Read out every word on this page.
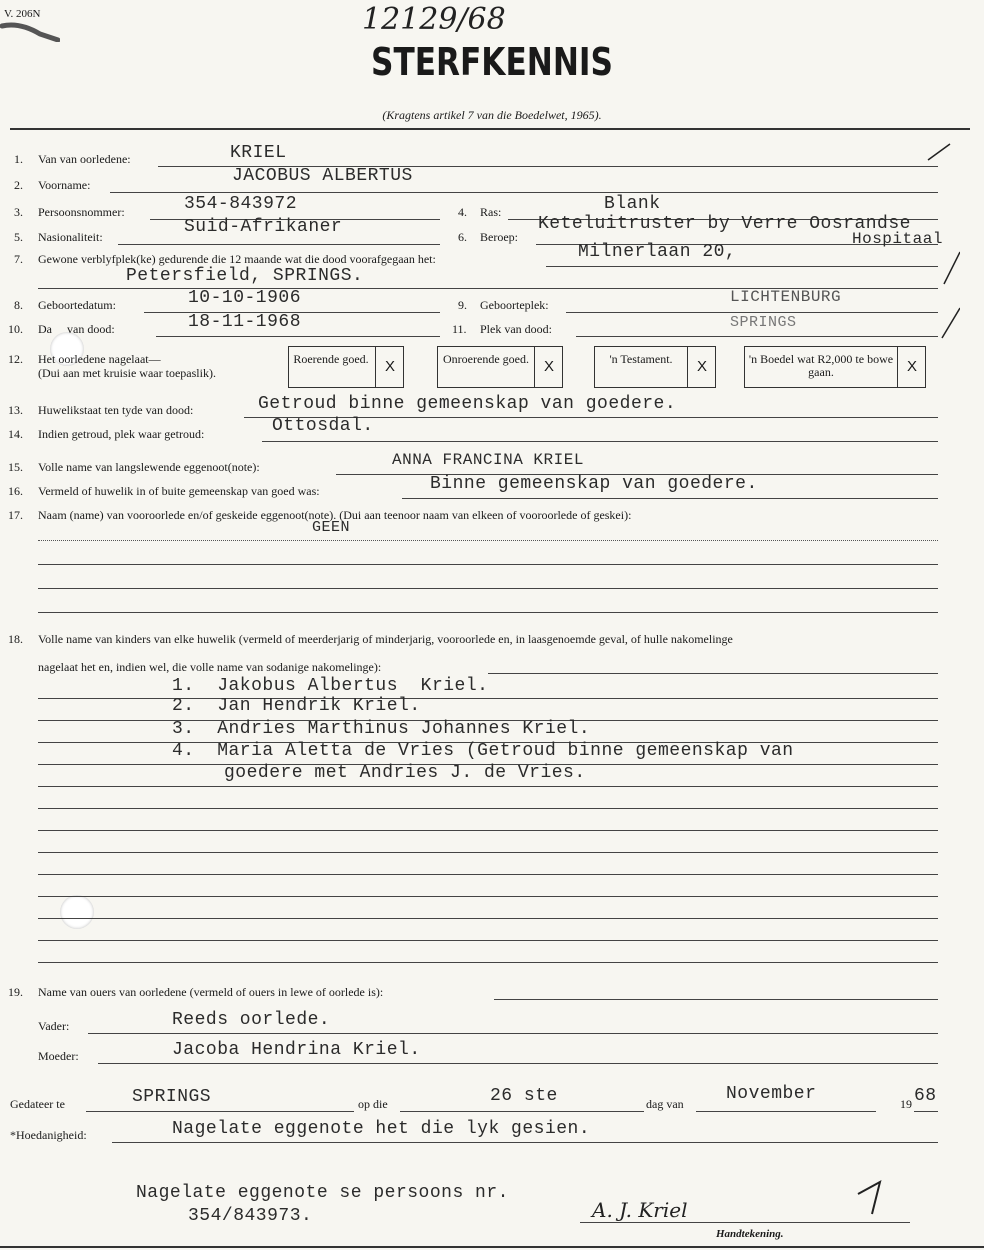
V. 206N	12129/68
STERFKENNIS
(Kragtens artikel 7 van die Boedelwet, 1965).
1. Van van oorledene:	KRIEL
2. Voorname:	JACOBUS ALBERTUS
3. Persoonsnommer:	354-843972	4. Ras:	Blank
5. Nasionaliteit:	Suid-Afrikaner	6. Beroep:
Keteluitruster by Verre Oosrandse
Hospitaal
7. Gewone verblyfplek(ke) gedurende die 12 maande wat die dood voorafgegaan het:	Milnerlaan 20,
Petersfield, SPRINGS.
8. Geboortedatum:	10-10-1906	9. Geboorteplek:	LICHTENBURG
10. Da     van dood:	18-11-1968	11. Plek van dood:	SPRINGS
12. Het oorledene nagelaat—
(Dui aan met kruisie waar toepaslik).
Roerende goed.	X	Onroerende goed.	X	'n Testament.	X	'n Boedel wat R2,000 te bowe gaan.	X
13. Huwelikstaat ten tyde van dood:	Getroud binne gemeenskap van goedere.
14. Indien getroud, plek waar getroud:	Ottosdal.
15. Volle name van langslewende eggenoot(note):	ANNA FRANCINA KRIEL
16. Vermeld of huwelik in of buite gemeenskap van goed was:	Binne gemeenskap van goedere.
17. Naam (name) van vooroorlede en/of geskeide eggenoot(note). (Dui aan teenoor naam van elkeen of vooroorlede of geskei):
GEEN
18. Volle name van kinders van elke huwelik (vermeld of meerderjarig of minderjarig, vooroorlede en, in laasgenoemde geval, of hulle nakomelinge
nagelaat het en, indien wel, die volle name van sodanige nakomelinge):
1.  Jakobus Albertus  Kriel.
2.  Jan Hendrik Kriel.
3.  Andries Marthinus Johannes Kriel.
4.  Maria Aletta de Vries (Getroud binne gemeenskap van
goedere met Andries J. de Vries.
19. Name van ouers van oorledene (vermeld of ouers in lewe of oorlede is):
Vader:	Reeds oorlede.
Moeder:	Jacoba Hendrina Kriel.
Gedateer te	SPRINGS	op die	26 ste	dag van November	19 68
*Hoedanigheid:	Nagelate eggenote het die lyk gesien.
Nagelate eggenote se persoons nr.
354/843973.	A. J. Kriel
Handtekening.
